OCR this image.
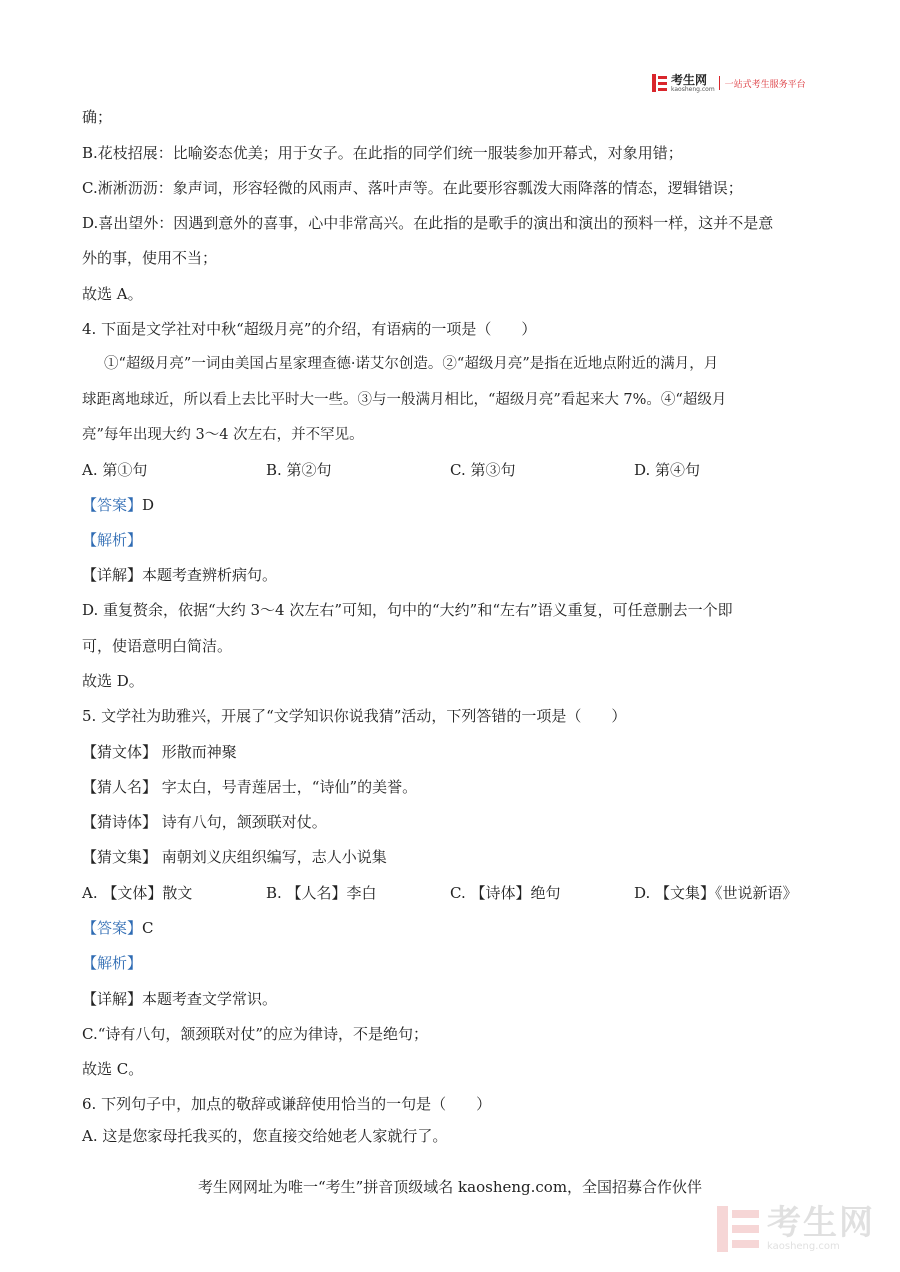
考生网
kaosheng.com 一站式考生服务平台
确；
B.花枝招展：比喻姿态优美；用于女子。在此指的同学们统一服装参加开幕式，对象用错；
C.淅淅沥沥：象声词，形容轻微的风雨声、落叶声等。在此要形容瓢泼大雨降落的情态，逻辑错误；
D.喜出望外：因遇到意外的喜事，心中非常高兴。在此指的是歌手的演出和演出的预料一样，这并不是意
外的事，使用不当；
故选 A。
4. 下面是文学社对中秋“超级月亮”的介绍，有语病的一项是（　　）
①“超级月亮”一词由美国占星家理查德·诺艾尔创造。②“超级月亮”是指在近地点附近的满月，月
球距离地球近，所以看上去比平时大一些。③与一般满月相比，“超级月亮”看起来大 7%。④“超级月
亮”每年出现大约 3～4 次左右，并不罕见。
A. 第①句	B. 第②句	C. 第③句	D. 第④句
【答案】D
【解析】
【详解】本题考查辨析病句。
D. 重复赘余，依据“大约 3～4 次左右”可知，句中的“大约”和“左右”语义重复，可任意删去一个即
可，使语意明白简洁。
故选 D。
5. 文学社为助雅兴，开展了“文学知识你说我猜”活动，下列答错的一项是（　　）
【猜文体】 形散而神聚
【猜人名】 字太白，号青莲居士，“诗仙”的美誉。
【猜诗体】 诗有八句，颔颈联对仗。
【猜文集】 南朝刘义庆组织编写，志人小说集
A. 【文体】散文	B. 【人名】李白	C. 【诗体】绝句	D. 【文集】《世说新语》
【答案】C
【解析】
【详解】本题考查文学常识。
C.“诗有八句，颔颈联对仗”的应为律诗，不是绝句；
故选 C。
6. 下列句子中，加点的敬辞或谦辞使用恰当的一句是（　　）
A. 这是您家母托我买的，您直接交给她老人家就行了。
考生网网址为唯一“考生”拼音顶级域名 kaosheng.com，全国招募合作伙伴
考生网
kaosheng.com
